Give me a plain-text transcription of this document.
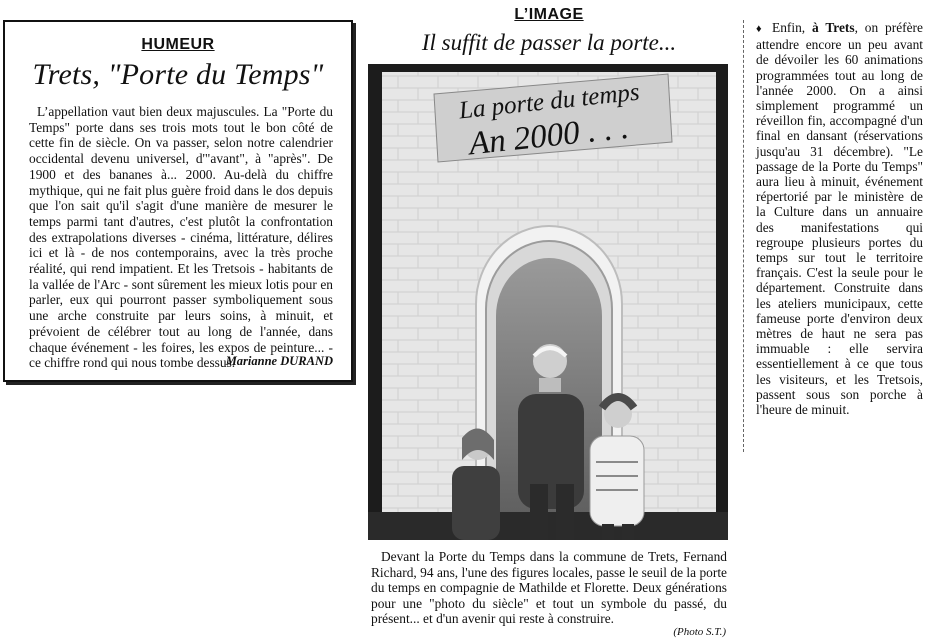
HUMEUR
Trets, "Porte du Temps"
L’appellation vaut bien deux majuscules. La "Porte du Temps" porte dans ses trois mots tout le bon côté de cette fin de siècle. On va passer, selon notre calendrier occidental devenu universel, d'"avant", à "après". De 1900 et des bananes à... 2000. Au-delà du chiffre mythique, qui ne fait plus guère froid dans le dos depuis que l'on sait qu'il s'agit d'une manière de mesurer le temps parmi tant d'autres, c'est plutôt la confrontation des extrapolations diverses - cinéma, littérature, délires ici et là - de nos contemporains, avec la très proche réalité, qui rend impatient. Et les Tretsois - habitants de la vallée de l'Arc - sont sûrement les mieux lotis pour en parler, eux qui pourront passer symboliquement sous une arche construite par leurs soins, à minuit, et prévoient de célébrer tout au long de l'année, dans chaque événement - les foires, les expos de peinture... - ce chiffre rond qui nous tombe dessus.
Marianne DURAND
L’IMAGE
Il suffit de passer la porte...
La porte du temps
An 2000 . . .
Devant la Porte du Temps dans la commune de Trets, Fernand Richard, 94 ans, l'une des figures locales, passe le seuil de la porte du temps en compagnie de Mathilde et Florette. Deux générations pour une "photo du siècle" et tout un symbole du passé, du présent... et d'un avenir qui reste à construire.
(Photo S.T.)
♦ Enfin, à Trets, on préfère attendre encore un peu avant de dévoiler les 60 animations programmées tout au long de l'année 2000. On a ainsi simplement programmé un réveillon fin, accompagné d'un final en dansant (réservations jusqu'au 31 décembre). "Le passage de la Porte du Temps" aura lieu à minuit, événement répertorié par le ministère de la Culture dans un annuaire des manifestations qui regroupe plusieurs portes du temps sur tout le territoire français. C'est la seule pour le département. Construite dans les ateliers municipaux, cette fameuse porte d'environ deux mètres de haut ne sera pas immuable : elle servira essentiellement à ce que tous les visiteurs, et les Tretsois, passent sous son porche à l'heure de minuit.
